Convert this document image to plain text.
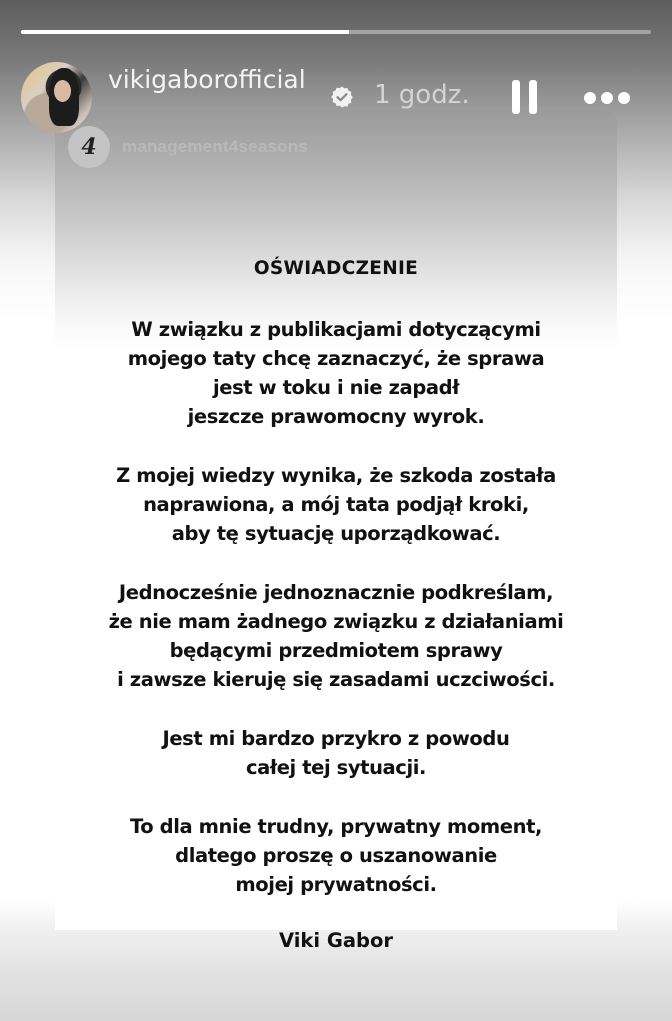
4 management4seasons
OŚWIADCZENIE

W związku z publikacjami dotyczącymi
mojego taty chcę zaznaczyć, że sprawa
jest w toku i nie zapadł
jeszcze prawomocny wyrok.

Z mojej wiedzy wynika, że szkoda została
naprawiona, a mój tata podjął kroki,
aby tę sytuację uporządkować.

Jednocześnie jednoznacznie podkreślam,
że nie mam żadnego związku z działaniami
będącymi przedmiotem sprawy
i zawsze kieruję się zasadami uczciwości.

Jest mi bardzo przykro z powodu
całej tej sytuacji.

To dla mnie trudny, prywatny moment,
dlatego proszę o uszanowanie
mojej prywatności.

Viki Gabor
vikigaborofficial
1 godz.
